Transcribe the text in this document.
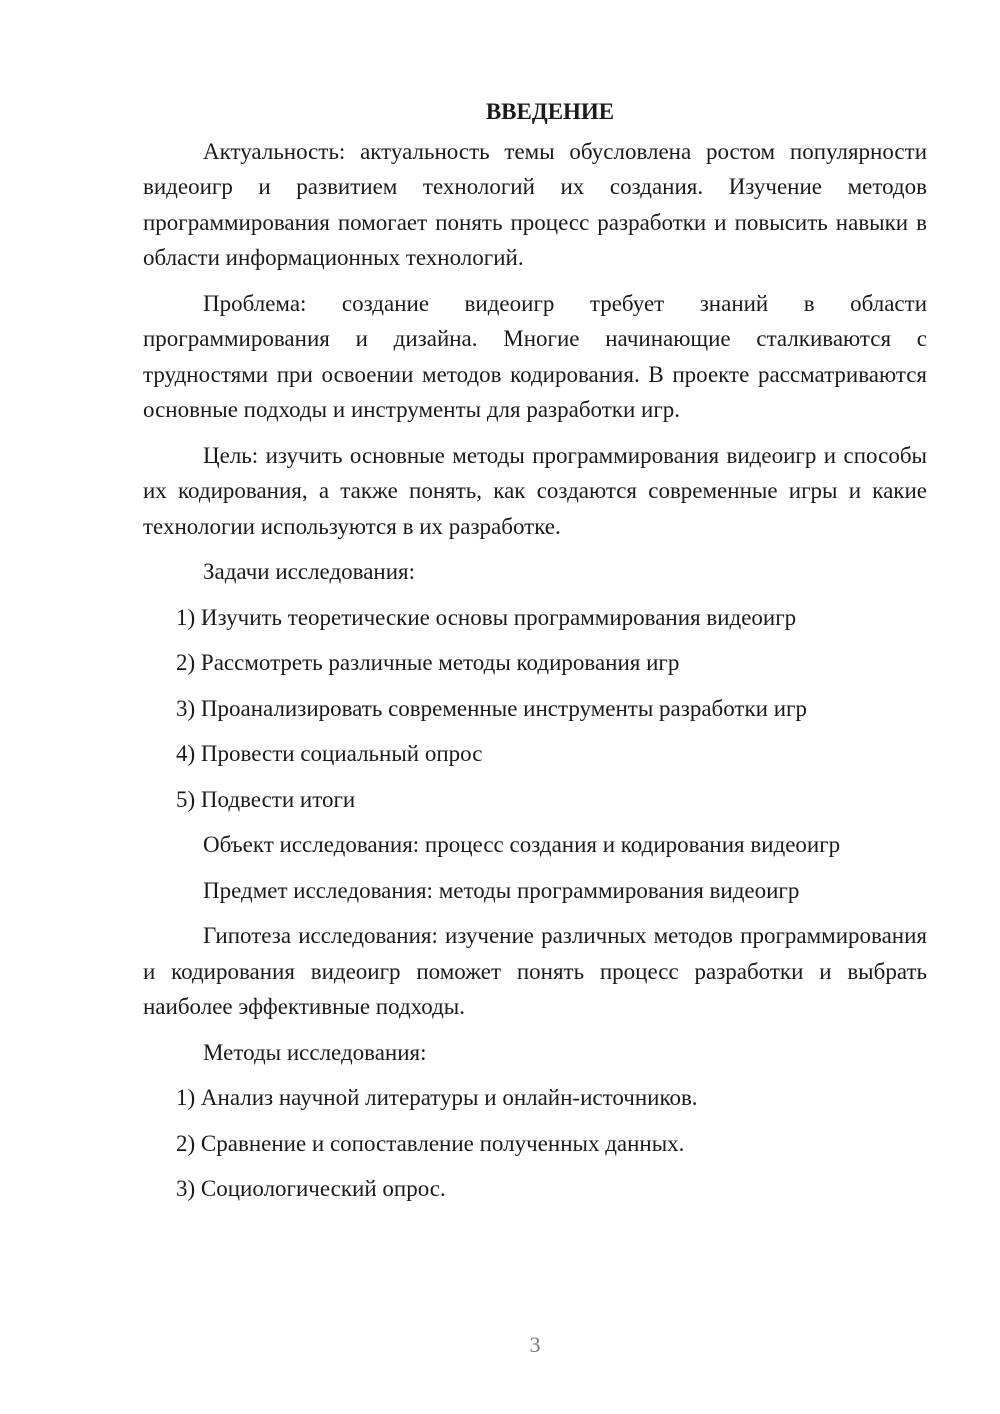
ВВЕДЕНИЕ

Актуальность: актуальность темы обусловлена ростом популярности видеоигр и развитием технологий их создания. Изучение методов программирования помогает понять процесс разработки и повысить навыки в области информационных технологий.

Проблема: создание видеоигр требует знаний в области программирования и дизайна. Многие начинающие сталкиваются с трудностями при освоении методов кодирования. В проекте рассматриваются основные подходы и инструменты для разработки игр.

Цель: изучить основные методы программирования видеоигр и способы их кодирования, а также понять, как создаются современные игры и какие технологии используются в их разработке.

Задачи исследования:
1) Изучить теоретические основы программирования видеоигр
2) Рассмотреть различные методы кодирования игр
3) Проанализировать современные инструменты разработки игр
4) Провести социальный опрос
5) Подвести итоги
Объект исследования: процесс создания и кодирования видеоигр
Предмет исследования: методы программирования видеоигр

Гипотеза исследования: изучение различных методов программирования и кодирования видеоигр поможет понять процесс разработки и выбрать наиболее эффективные подходы.

Методы исследования:
1) Анализ научной литературы и онлайн-источников.
2) Сравнение и сопоставление полученных данных.
3) Социологический опрос.
3
